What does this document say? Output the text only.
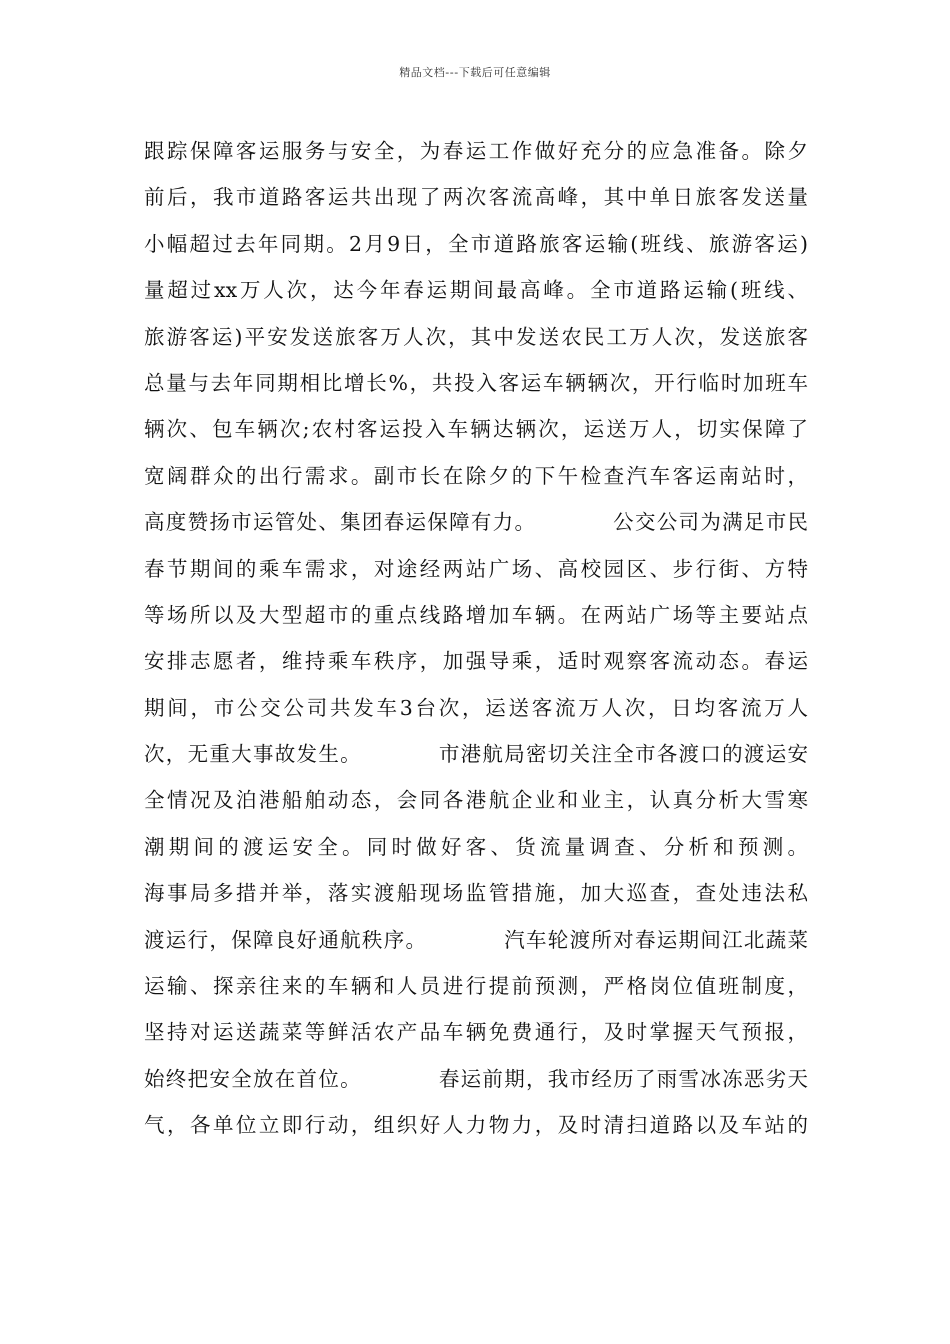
精品文档---下载后可任意编辑
跟踪保障客运服务与安全，为春运工作做好充分的应急准备。除夕
前后，我市道路客运共出现了两次客流高峰，其中单日旅客发送量
小幅超过去年同期。2月9日，全市道路旅客运输(班线、旅游客运)
量超过xx万人次，达今年春运期间最高峰。全市道路运输(班线、
旅游客运)平安发送旅客万人次，其中发送农民工万人次，发送旅客
总量与去年同期相比增长%，共投入客运车辆辆次，开行临时加班车
辆次、包车辆次;农村客运投入车辆达辆次，运送万人，切实保障了
宽阔群众的出行需求。副市长在除夕的下午检查汽车客运南站时，
高度赞扬市运管处、集团春运保障有力。　　　　公交公司为满足市民
春节期间的乘车需求，对途经两站广场、高校园区、步行街、方特
等场所以及大型超市的重点线路增加车辆。在两站广场等主要站点
安排志愿者，维持乘车秩序，加强导乘，适时观察客流动态。春运
期间，市公交公司共发车3台次，运送客流万人次，日均客流万人
次，无重大事故发生。　　　　市港航局密切关注全市各渡口的渡运安
全情况及泊港船舶动态，会同各港航企业和业主，认真分析大雪寒
潮期间的渡运安全。同时做好客、货流量调查、分析和预测。
海事局多措并举，落实渡船现场监管措施，加大巡查，查处违法私
渡运行，保障良好通航秩序。　　　　汽车轮渡所对春运期间江北蔬菜
运输、探亲往来的车辆和人员进行提前预测，严格岗位值班制度，
坚持对运送蔬菜等鲜活农产品车辆免费通行，及时掌握天气预报，
始终把安全放在首位。　　　　春运前期，我市经历了雨雪冰冻恶劣天
气，各单位立即行动，组织好人力物力，及时清扫道路以及车站的
